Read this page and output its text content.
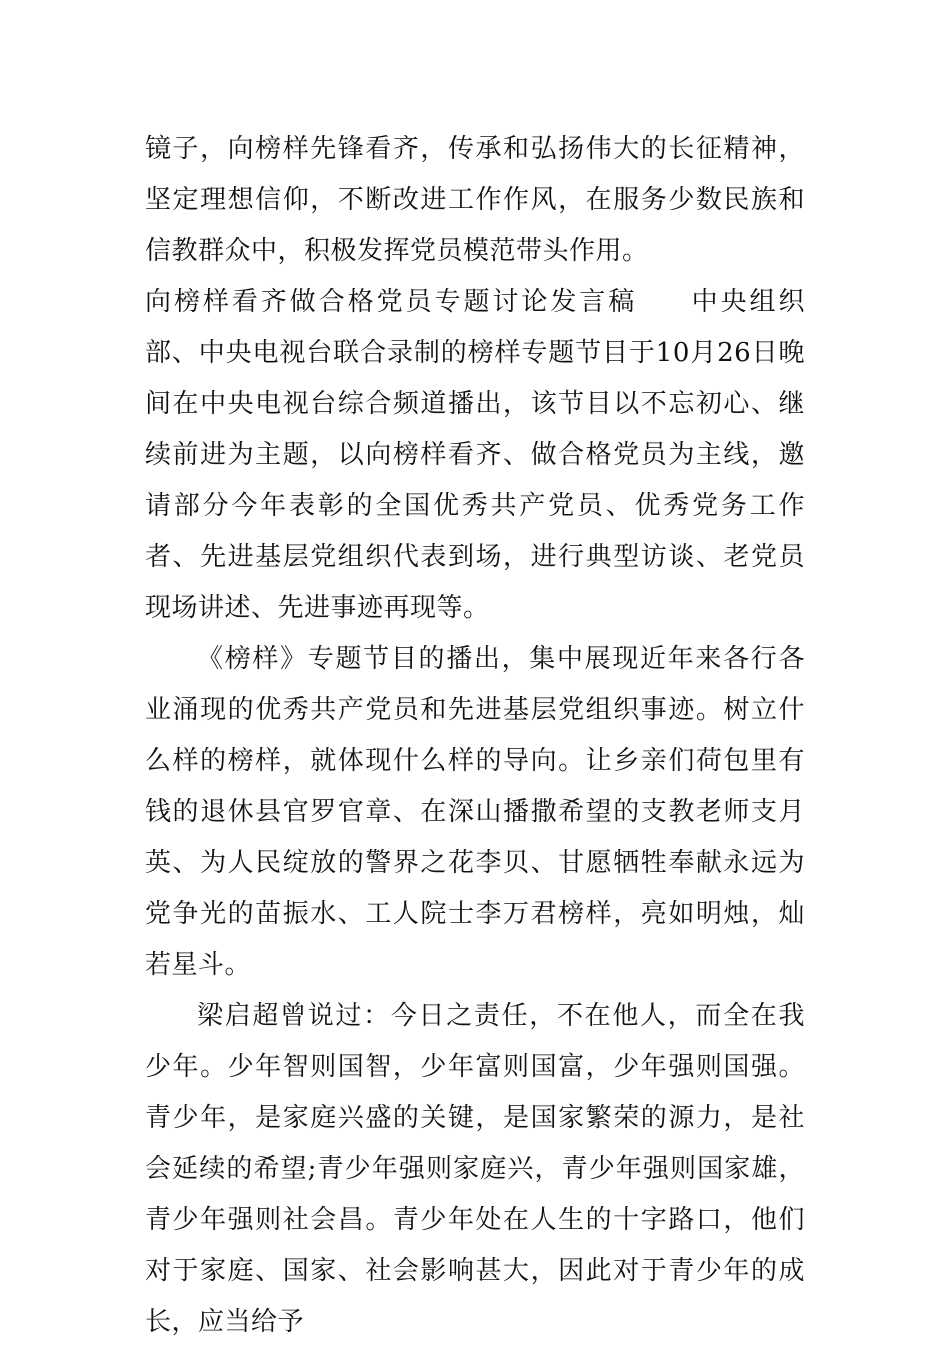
镜子，向榜样先锋看齐，传承和弘扬伟大的长征精神，坚定理想信仰，不断改进工作作风，在服务少数民族和信教群众中，积极发挥党员模范带头作用。

向榜样看齐做合格党员专题讨论发言稿 中央组织部、中央电视台联合录制的榜样专题节目于10月26日晚间在中央电视台综合频道播出，该节目以不忘初心、继续前进为主题，以向榜样看齐、做合格党员为主线，邀请部分今年表彰的全国优秀共产党员、优秀党务工作者、先进基层党组织代表到场，进行典型访谈、老党员现场讲述、先进事迹再现等。

《榜样》专题节目的播出，集中展现近年来各行各业涌现的优秀共产党员和先进基层党组织事迹。树立什么样的榜样，就体现什么样的导向。让乡亲们荷包里有钱的退休县官罗官章、在深山播撒希望的支教老师支月英、为人民绽放的警界之花李贝、甘愿牺牲奉献永远为党争光的苗振水、工人院士李万君榜样，亮如明烛，灿若星斗。

梁启超曾说过：今日之责任，不在他人，而全在我少年。少年智则国智，少年富则国富，少年强则国强。青少年，是家庭兴盛的关键，是国家繁荣的源力，是社会延续的希望;青少年强则家庭兴，青少年强则国家雄，青少年强则社会昌。青少年处在人生的十字路口，他们对于家庭、国家、社会影响甚大，因此对于青少年的成长，应当给予
